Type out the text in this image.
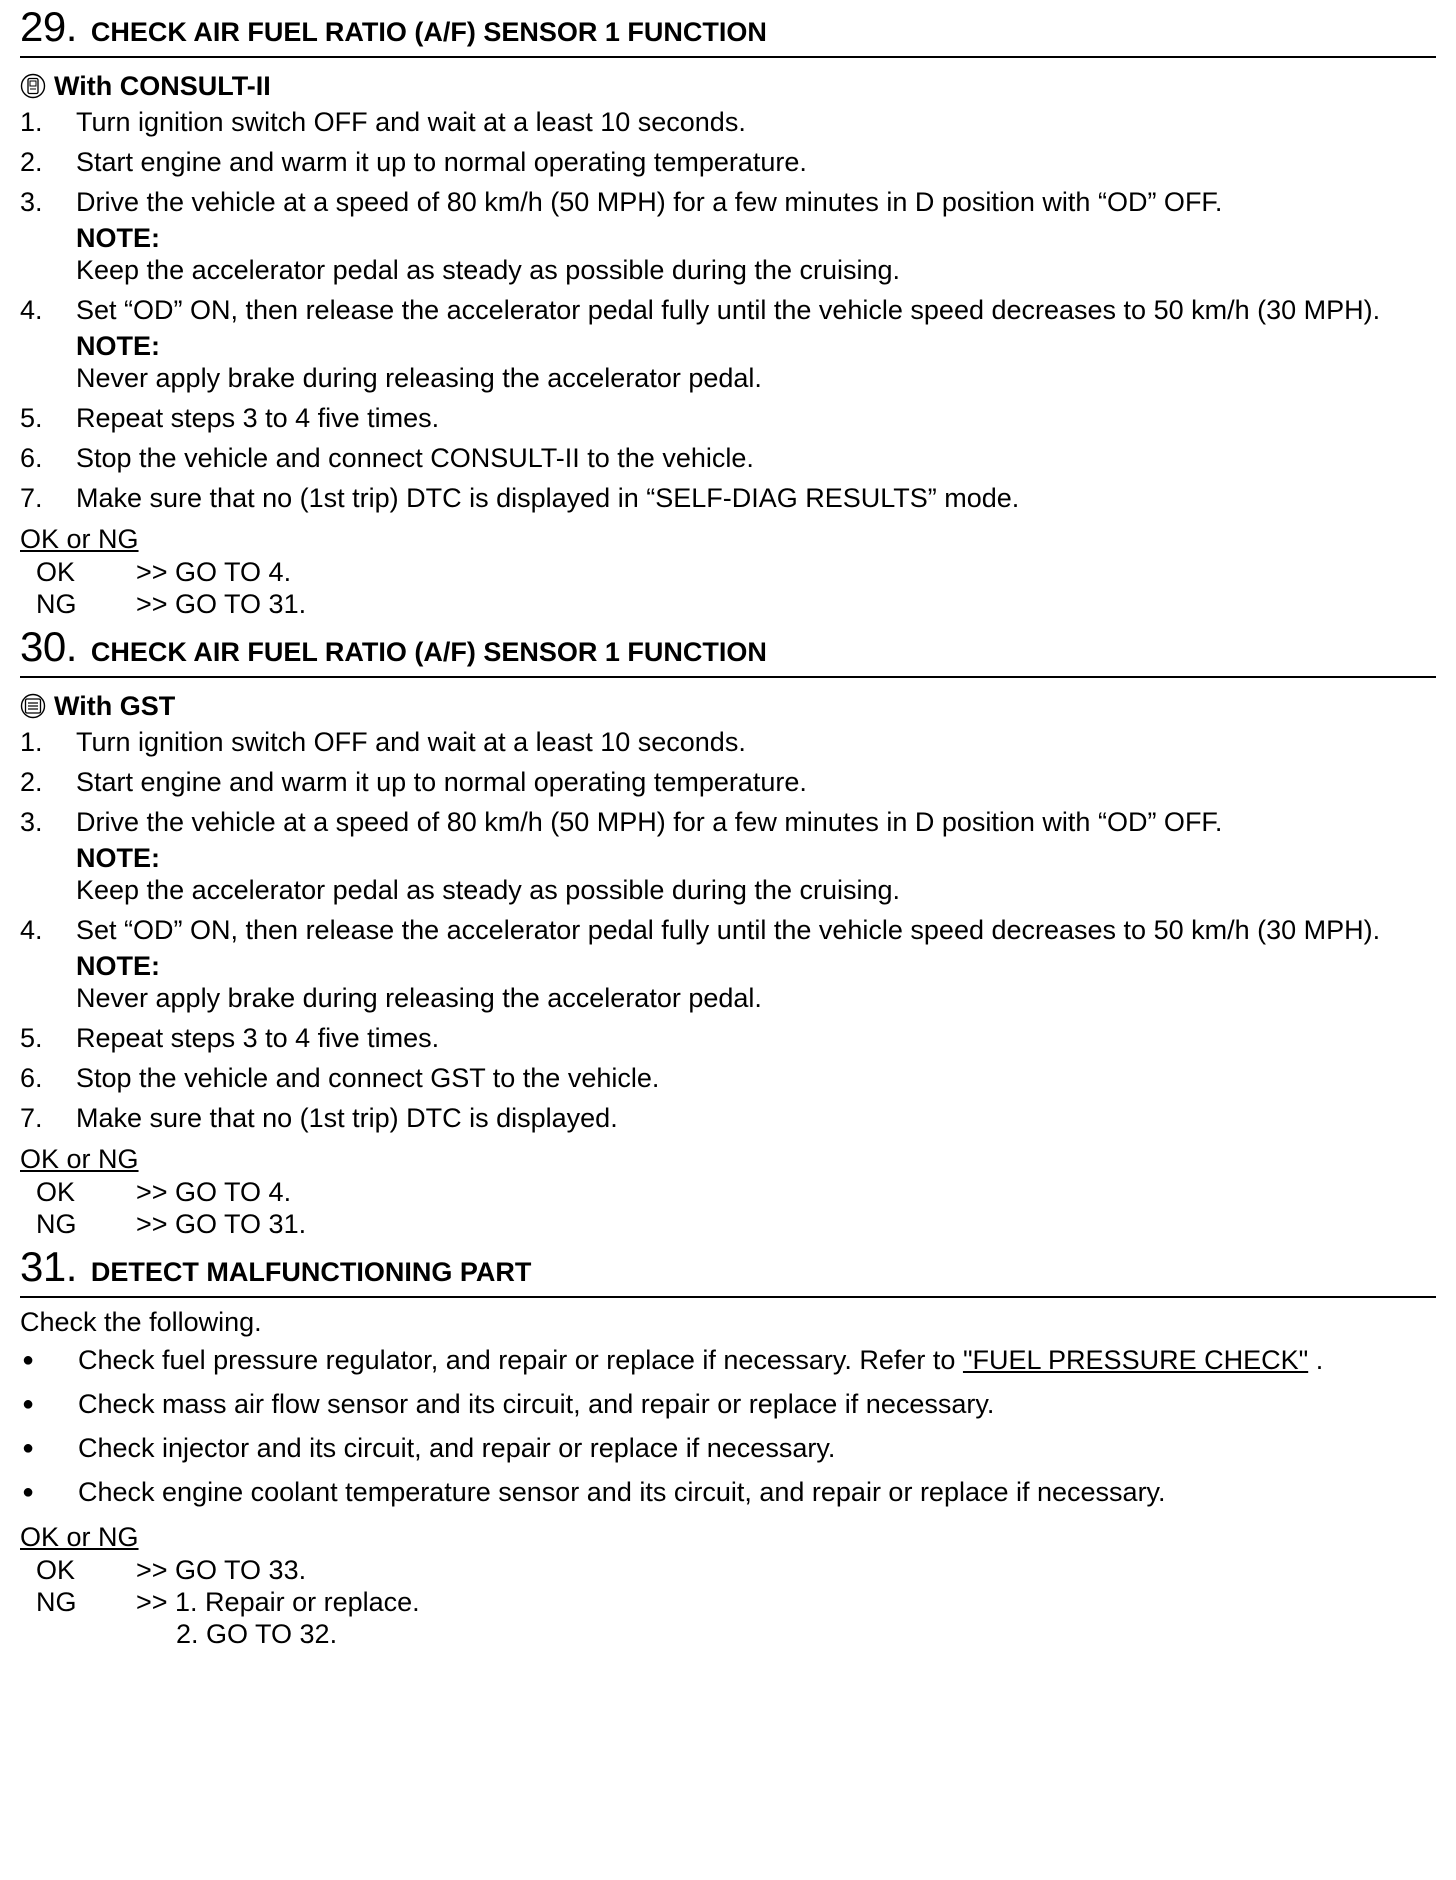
29. CHECK AIR FUEL RATIO (A/F) SENSOR 1 FUNCTION
With CONSULT-II
1.	Turn ignition switch OFF and wait at a least 10 seconds.
2.	Start engine and warm it up to normal operating temperature.
3.	Drive the vehicle at a speed of 80 km/h (50 MPH) for a few minutes in D position with “OD” OFF.
NOTE:
Keep the accelerator pedal as steady as possible during the cruising.
4.	Set “OD” ON, then release the accelerator pedal fully until the vehicle speed decreases to 50 km/h (30 MPH).
NOTE:
Never apply brake during releasing the accelerator pedal.
5.	Repeat steps 3 to 4 five times.
6.	Stop the vehicle and connect CONSULT-II to the vehicle.
7.	Make sure that no (1st trip) DTC is displayed in “SELF-DIAG RESULTS” mode.
OK or NG
OK	>> GO TO 4.
NG	>> GO TO 31.
30. CHECK AIR FUEL RATIO (A/F) SENSOR 1 FUNCTION
With GST
1.	Turn ignition switch OFF and wait at a least 10 seconds.
2.	Start engine and warm it up to normal operating temperature.
3.	Drive the vehicle at a speed of 80 km/h (50 MPH) for a few minutes in D position with “OD” OFF.
NOTE:
Keep the accelerator pedal as steady as possible during the cruising.
4.	Set “OD” ON, then release the accelerator pedal fully until the vehicle speed decreases to 50 km/h (30 MPH).
NOTE:
Never apply brake during releasing the accelerator pedal.
5.	Repeat steps 3 to 4 five times.
6.	Stop the vehicle and connect GST to the vehicle.
7.	Make sure that no (1st trip) DTC is displayed.
OK or NG
OK	>> GO TO 4.
NG	>> GO TO 31.
31. DETECT MALFUNCTIONING PART
Check the following.
●	Check fuel pressure regulator, and repair or replace if necessary. Refer to "FUEL PRESSURE CHECK" .
●	Check mass air flow sensor and its circuit, and repair or replace if necessary.
●	Check injector and its circuit, and repair or replace if necessary.
●	Check engine coolant temperature sensor and its circuit, and repair or replace if necessary.
OK or NG
OK	>> GO TO 33.
NG	>> 1. Repair or replace.
2. GO TO 32.
